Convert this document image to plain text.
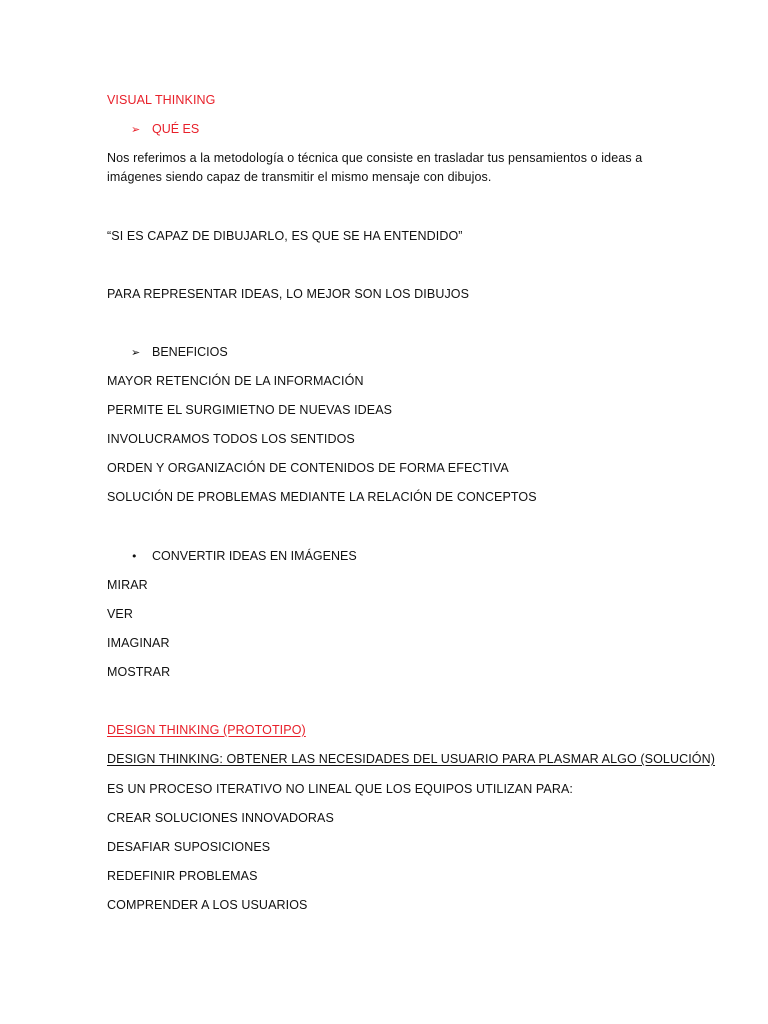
VISUAL THINKING
➢ QUÉ ES
Nos referimos a la metodología o técnica que consiste en trasladar tus pensamientos o ideas a
imágenes siendo capaz de transmitir el mismo mensaje con dibujos.
“SI ES CAPAZ DE DIBUJARLO, ES QUE SE HA ENTENDIDO”
PARA REPRESENTAR IDEAS, LO MEJOR SON LOS DIBUJOS
➢ BENEFICIOS
MAYOR RETENCIÓN DE LA INFORMACIÓN
PERMITE EL SURGIMIETNO DE NUEVAS IDEAS
INVOLUCRAMOS TODOS LOS SENTIDOS
ORDEN Y ORGANIZACIÓN DE CONTENIDOS DE FORMA EFECTIVA
SOLUCIÓN DE PROBLEMAS MEDIANTE LA RELACIÓN DE CONCEPTOS
• CONVERTIR IDEAS EN IMÁGENES
MIRAR
VER
IMAGINAR
MOSTRAR
DESIGN THINKING (PROTOTIPO)
DESIGN THINKING: OBTENER LAS NECESIDADES DEL USUARIO PARA PLASMAR ALGO (SOLUCIÓN)
ES UN PROCESO ITERATIVO NO LINEAL QUE LOS EQUIPOS UTILIZAN PARA:
CREAR SOLUCIONES INNOVADORAS
DESAFIAR SUPOSICIONES
REDEFINIR PROBLEMAS
COMPRENDER A LOS USUARIOS
